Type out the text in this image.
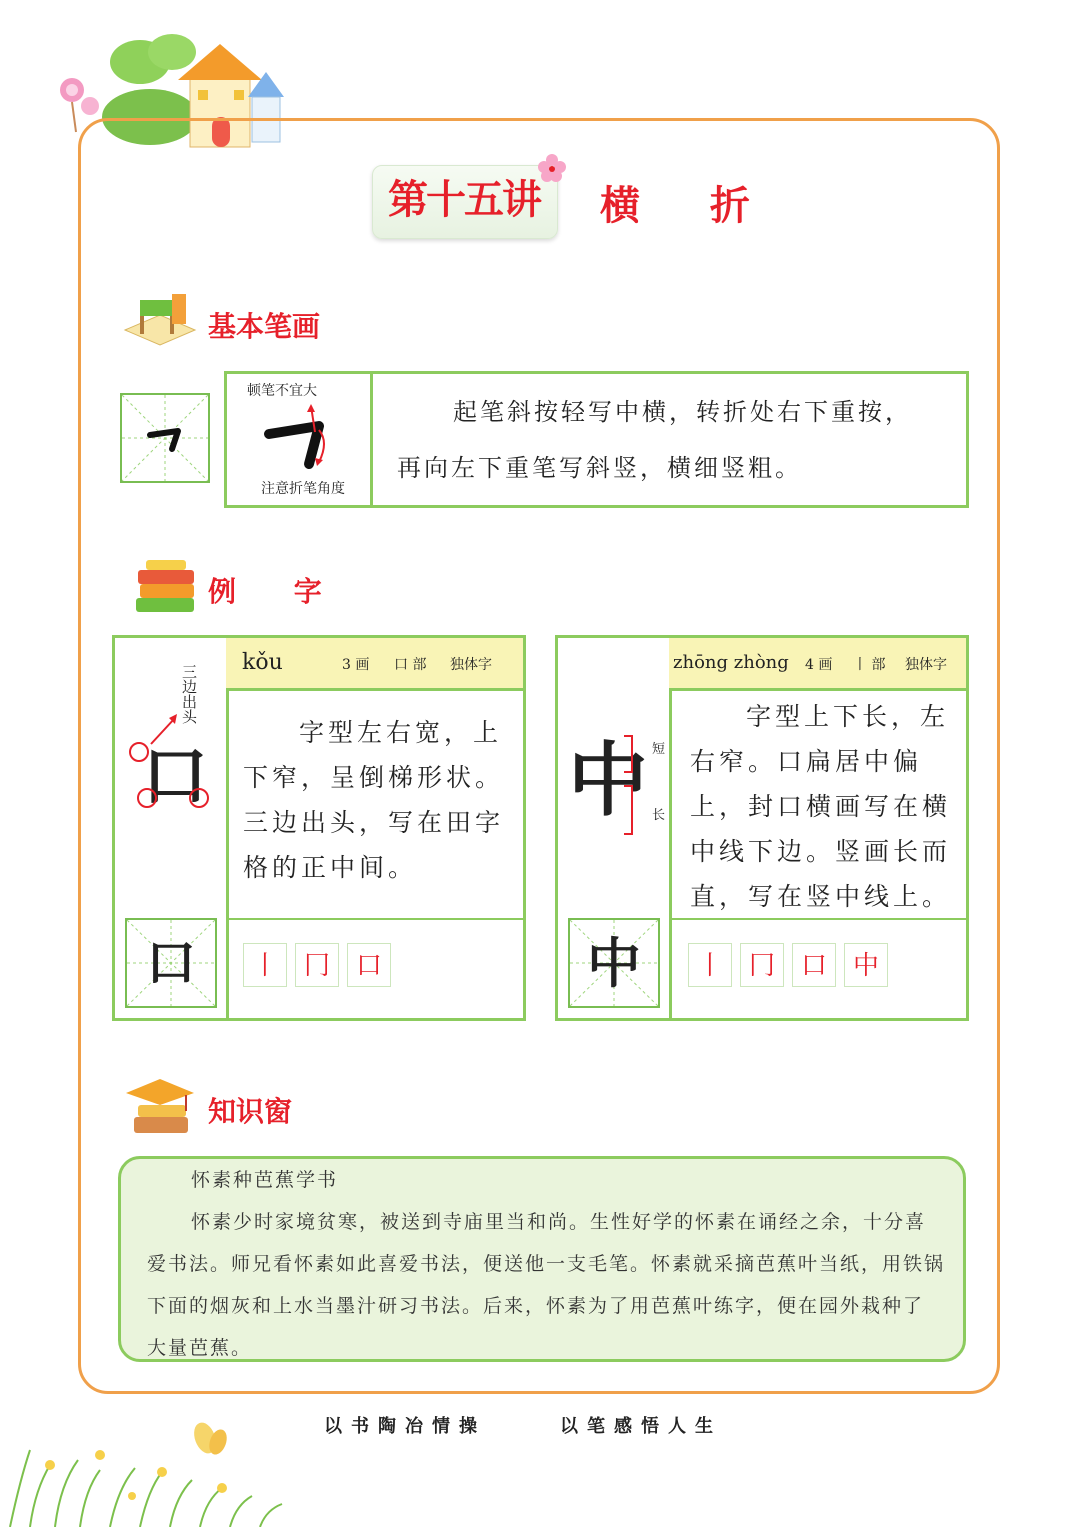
第十五讲	横 折
基本笔画
顿笔不宜大
注意折笔角度

起笔斜按轻写中横，转折处右下重按，

再向左下重笔写斜竖，横细竖粗。

例 字
三边出头
口
口
kǒu	3 画 口 部 独体字
字型左右宽，上
下窄，呈倒梯形状。
三边出头，写在田字
格的正中间。
丨 冂 口
中 短
长
中
zhōng zhòng 4 画 丨 部 独体字
字型上下长，左
右窄。口扁居中偏
上，封口横画写在横
中线下边。竖画长而
直，写在竖中线上。
丨 冂 口 中
知识窗

怀素种芭蕉学书

怀素少时家境贫寒，被送到寺庙里当和尚。生性好学的怀素在诵经之余，十分喜

爱书法。师兄看怀素如此喜爱书法，便送他一支毛笔。怀素就采摘芭蕉叶当纸，用铁锅

下面的烟灰和上水当墨汁研习书法。后来，怀素为了用芭蕉叶练字，便在园外栽种了

大量芭蕉。

以书陶冶情操	以笔感悟人生
